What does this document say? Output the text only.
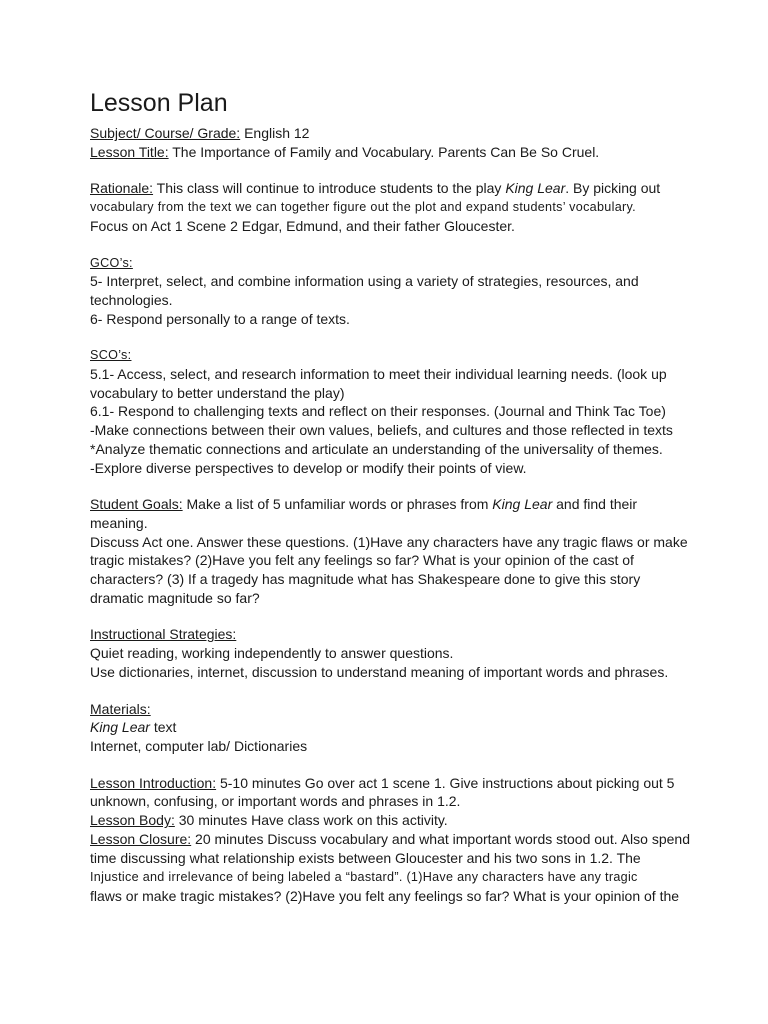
Lesson Plan

Subject/ Course/ Grade: English 12

Lesson Title: The Importance of Family and Vocabulary. Parents Can Be So Cruel.

Rationale: This class will continue to introduce students to the play King Lear. By picking out

vocabulary from the text we can together figure out the plot and expand students’ vocabulary.

Focus on Act 1 Scene 2 Edgar, Edmund, and their father Gloucester.

GCO’s:

5- Interpret, select, and combine information using a variety of strategies, resources, and technologies.

6- Respond personally to a range of texts.

SCO’s:

5.1- Access, select, and research information to meet their individual learning needs. (look up vocabulary to better understand the play)

6.1- Respond to challenging texts and reflect on their responses. (Journal and Think Tac Toe)

-Make connections between their own values, beliefs, and cultures and those reflected in texts

*Analyze thematic connections and articulate an understanding of the universality of themes.

-Explore diverse perspectives to develop or modify their points of view.

Student Goals: Make a list of 5 unfamiliar words or phrases from King Lear and find their meaning.

Discuss Act one. Answer these questions. (1)Have any characters have any tragic flaws or make tragic mistakes? (2)Have you felt any feelings so far? What is your opinion of the cast of characters? (3) If a tragedy has magnitude what has Shakespeare done to give this story dramatic magnitude so far?

Instructional Strategies:

Quiet reading, working independently to answer questions.

Use dictionaries, internet, discussion to understand meaning of important words and phrases.

Materials:

King Lear text

Internet, computer lab/ Dictionaries

Lesson Introduction: 5-10 minutes Go over act 1 scene 1. Give instructions about picking out 5 unknown, confusing, or important words and phrases in 1.2.

Lesson Body: 30 minutes Have class work on this activity.

Lesson Closure: 20 minutes Discuss vocabulary and what important words stood out. Also spend time discussing what relationship exists between Gloucester and his two sons in 1.2. The

Injustice and irrelevance of being labeled a “bastard”. (1)Have any characters have any tragic

flaws or make tragic mistakes? (2)Have you felt any feelings so far? What is your opinion of the
